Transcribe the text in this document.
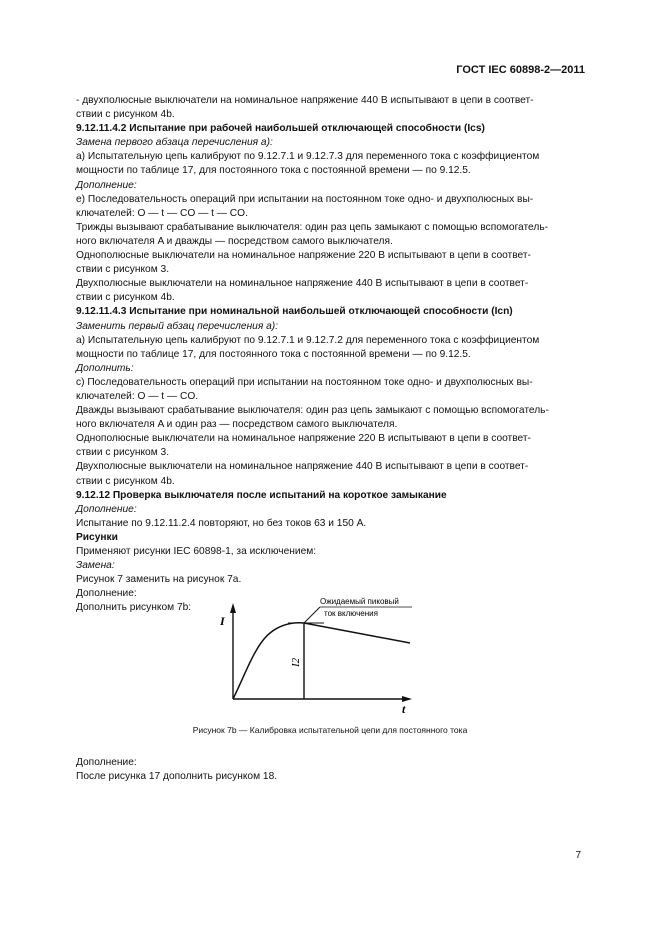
ГОСТ IEC 60898-2—2011
- двухполюсные выключатели на номинальное напряжение 440 В испытывают в цепи в соответ-
ствии с рисунком 4b.
9.12.11.4.2 Испытание при рабочей наибольшей отключающей способности (Ics)
Замена первого абзаца перечисления a):
a) Испытательную цепь калибруют по 9.12.7.1 и 9.12.7.3 для переменного тока с коэффициентом
мощности по таблице 17, для постоянного тока с постоянной времени — по 9.12.5.
Дополнение:
e) Последовательность операций при испытании на постоянном токе одно- и двухполюсных вы-
ключателей: O — t — CO — t — CO.
Трижды вызывают срабатывание выключателя: один раз цепь замыкают с помощью вспомогатель-
ного включателя A и дважды — посредством самого выключателя.
Однополюсные выключатели на номинальное напряжение 220 В испытывают в цепи в соответ-
ствии с рисунком 3.
Двухполюсные выключатели на номинальное напряжение 440 В испытывают в цепи в соответ-
ствии с рисунком 4b.
9.12.11.4.3 Испытание при номинальной наибольшей отключающей способности (Icn)
Заменить первый абзац перечисления a):
a) Испытательную цепь калибруют по 9.12.7.1 и 9.12.7.2 для переменного тока с коэффициентом
мощности по таблице 17, для постоянного тока с постоянной времени — по 9.12.5.
Дополнить:
c) Последовательность операций при испытании на постоянном токе одно- и двухполюсных вы-
ключателей: O — t — CO.
Дважды вызывают срабатывание выключателя: один раз цепь замыкают с помощью вспомогатель-
ного включателя A и один раз — посредством самого выключателя.
Однополюсные выключатели на номинальное напряжение 220 В испытывают в цепи в соответ-
ствии с рисунком 3.
Двухполюсные выключатели на номинальное напряжение 440 В испытывают в цепи в соответ-
ствии с рисунком 4b.
9.12.12 Проверка выключателя после испытаний на короткое замыкание
Дополнение:
Испытание по 9.12.11.2.4 повторяют, но без токов 63 и 150 А.
Рисунки
Применяют рисунки IEC 60898-1, за исключением:
Замена:
Рисунок 7 заменить на рисунок 7a.
Дополнение:
Дополнить рисунком 7b:
I
t
I2
Ожидаемый пиковый
ток включения
Рисунок 7b — Калибровка испытательной цепи для постоянного тока
Дополнение:
После рисунка 17 дополнить рисунком 18.
7
